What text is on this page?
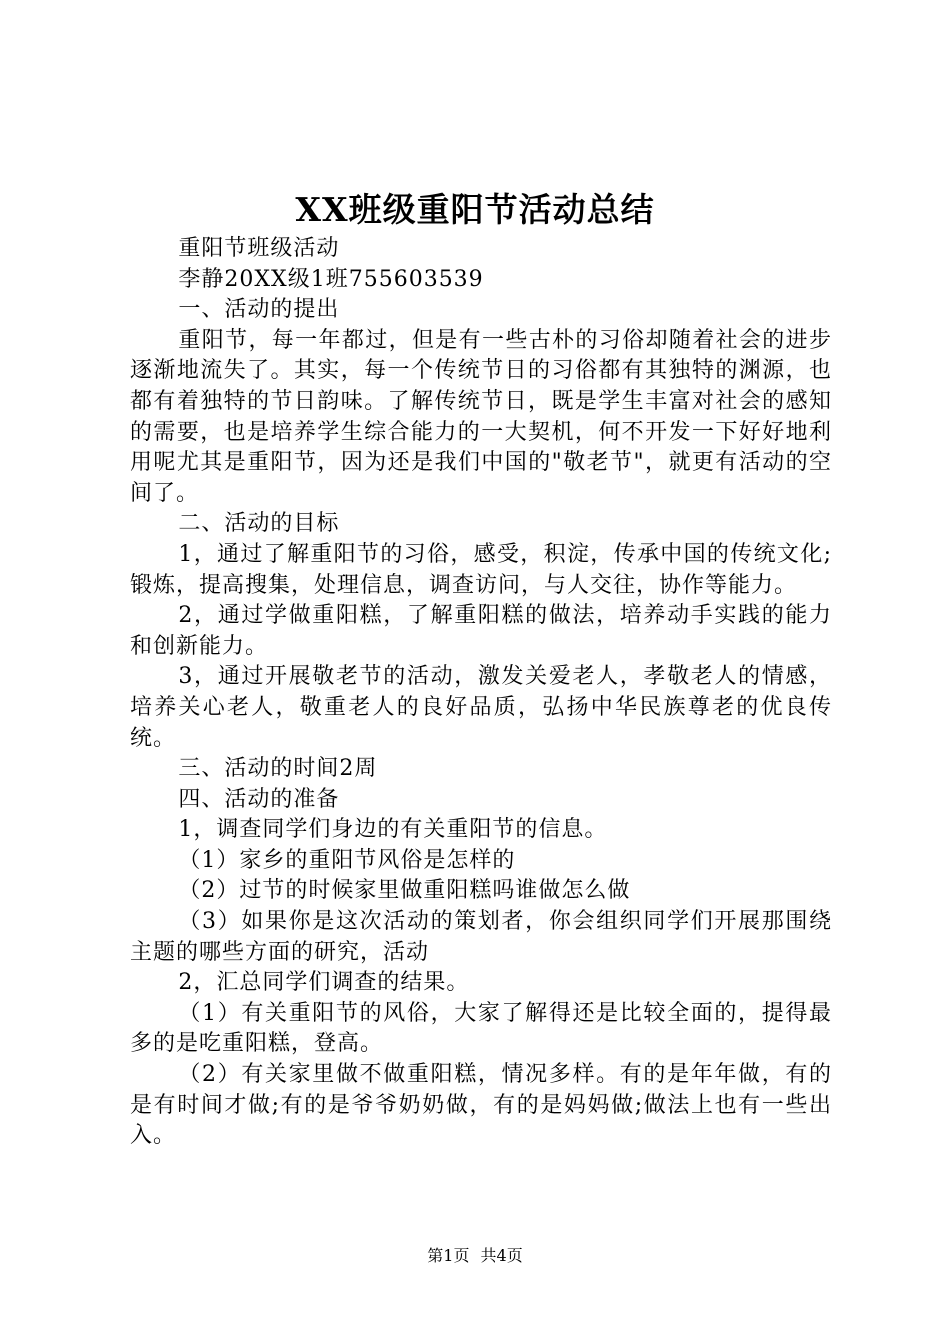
XX班级重阳节活动总结

重阳节班级活动

李静20XX级1班755603539

一、活动的提出

重阳节，每一年都过，但是有一些古朴的习俗却随着社会的进步逐渐地流失了。其实，每一个传统节日的习俗都有其独特的渊源，也都有着独特的节日韵味。了解传统节日，既是学生丰富对社会的感知的需要，也是培养学生综合能力的一大契机，何不开发一下好好地利用呢尤其是重阳节，因为还是我们中国的"敬老节"，就更有活动的空间了。

二、活动的目标

1，通过了解重阳节的习俗，感受，积淀，传承中国的传统文化;锻炼，提高搜集，处理信息，调查访问，与人交往，协作等能力。

2，通过学做重阳糕，了解重阳糕的做法，培养动手实践的能力和创新能力。

3，通过开展敬老节的活动，激发关爱老人，孝敬老人的情感，培养关心老人，敬重老人的良好品质，弘扬中华民族尊老的优良传统。

三、活动的时间2周

四、活动的准备

1，调查同学们身边的有关重阳节的信息。

（1）家乡的重阳节风俗是怎样的

（2）过节的时候家里做重阳糕吗谁做怎么做

（3）如果你是这次活动的策划者，你会组织同学们开展那围绕主题的哪些方面的研究，活动

2，汇总同学们调查的结果。

（1）有关重阳节的风俗，大家了解得还是比较全面的，提得最多的是吃重阳糕，登高。

（2）有关家里做不做重阳糕，情况多样。有的是年年做，有的是有时间才做;有的是爷爷奶奶做，有的是妈妈做;做法上也有一些出入。

第1页 共4页
